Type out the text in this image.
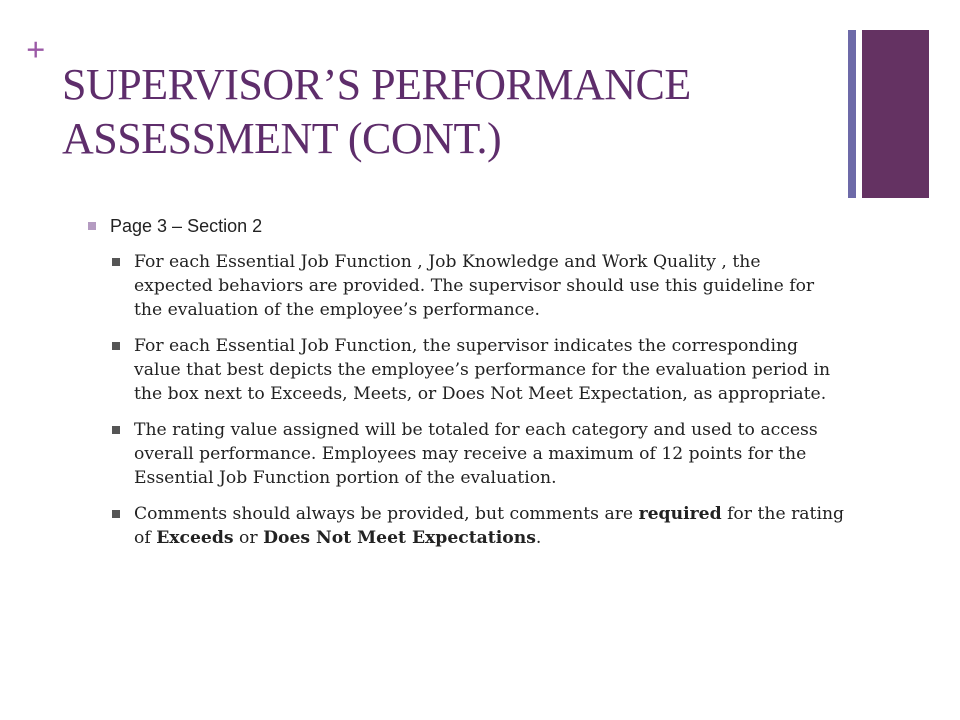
+
SUPERVISOR’S PERFORMANCE
ASSESSMENT (CONT.)
Page 3 – Section 2
For each Essential Job Function , Job Knowledge and Work Quality , the expected behaviors are provided. The supervisor should use this guideline for the evaluation of the employee’s performance.
For each Essential Job Function, the supervisor indicates the corresponding value that best depicts the employee’s performance for the evaluation period in the box next to Exceeds, Meets, or Does Not Meet Expectation, as appropriate.
The rating value assigned will be totaled for each category and used to access overall performance. Employees may receive a maximum of 12 points for the Essential Job Function portion of the evaluation.
Comments should always be provided, but comments are required for the rating of Exceeds or Does Not Meet Expectations.
